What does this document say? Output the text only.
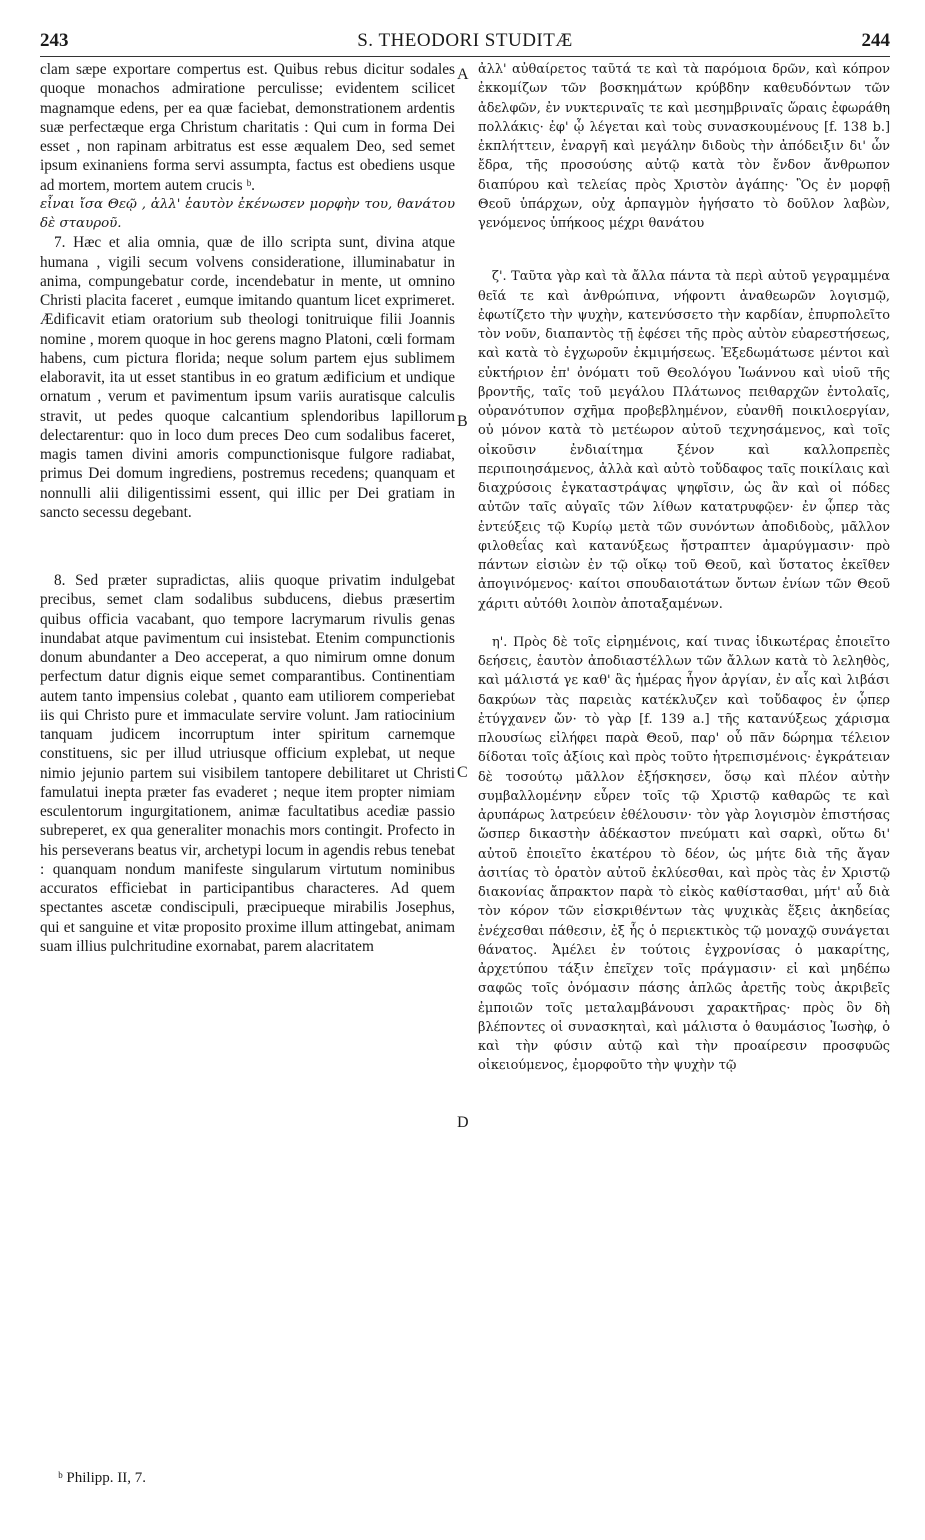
243	S. THEODORI STUDITÆ	244

clam sæpe exportare compertus est. Quibus rebus dicitur sodales quoque monachos admiratione perculisse; evidentem scilicet magnamque edens, per ea quæ faciebat, demonstrationem ardentis suæ perfectæque erga Christum charitatis : Qui cum in forma Dei esset , non rapinam arbitratus est esse æqualem Deo, sed semet ipsum exinaniens forma servi assumpta, factus est obediens usque ad mortem, mortem autem crucis ᵇ.

εἶναι ἴσα Θεῷ , ἀλλ' ἑαυτὸν ἐκένωσεν μορφὴν του, θανάτου δὲ σταυροῦ.

7. Hæc et alia omnia, quæ de illo scripta sunt, divina atque humana , vigili secum volvens consideratione, illuminabatur in anima, compungebatur corde, incendebatur in mente, ut omnino Christi placita faceret , eumque imitando quantum licet exprimeret. Ædificavit etiam oratorium sub theologi tonitruique filii Joannis nomine , morem quoque in hoc gerens magno Platoni, cœli formam habens, cum pictura florida; neque solum partem ejus sublimem elaboravit, ita ut esset stantibus in eo gratum ædificium et undique ornatum , verum et pavimentum ipsum variis auratisque calculis stravit, ut pedes quoque calcantium splendoribus lapillorum delectarentur: quo in loco dum preces Deo cum sodalibus faceret, magis tamen divini amoris compunctionisque fulgore radiabat, primus Dei domum ingrediens, postremus recedens; quanquam et nonnulli alii diligentissimi essent, qui illic per Dei gratiam in sancto secessu degebant.

8. Sed præter supradictas, aliis quoque privatim indulgebat precibus, semet clam sodalibus subducens, diebus præsertim quibus officia vacabant, quo tempore lacrymarum rivulis genas inundabat atque pavimentum cui insistebat. Etenim compunctionis donum abundanter a Deo acceperat, a quo nimirum omne donum perfectum datur dignis eique semet comparantibus. Continentiam autem tanto impensius colebat , quanto eam utiliorem comperiebat iis qui Christo pure et immaculate servire volunt. Jam ratiocinium tanquam judicem incorruptum inter spiritum carnemque constituens, sic per illud utriusque officium explebat, ut neque nimio jejunio partem sui visibilem tantopere debilitaret ut Christi famulatui inepta præter fas evaderet ; neque item propter nimiam esculentorum ingurgitationem, animæ facultatibus acediæ passio subreperet, ex qua generaliter monachis mors contingit. Profecto in his perseverans beatus vir, archetypi locum in agendis rebus tenebat : quanquam nondum manifeste singularum virtutum nominibus accuratos efficiebat in participantibus characteres. Ad quem spectantes ascetæ condiscipuli, præcipueque mirabilis Josephus, qui et sanguine et vitæ proposito proxime illum attingebat, animam suam illius pulchritudine exornabat, parem alacritatem

ἀλλ' αὐθαίρετος ταῦτά τε καὶ τὰ παρόμοια δρῶν, καὶ κόπρον ἐκκομίζων τῶν βοσκημάτων κρύβδην καθευδόντων τῶν ἀδελφῶν, ἐν νυκτεριναῖς τε καὶ μεσημβριναῖς ὥραις ἐφωράθη πολλάκις· ἐφ' ᾧ λέγεται καὶ τοὺς συνασκουμένους [f. 138 b.] ἐκπλήττειν, ἐναργῆ καὶ μεγάλην διδοὺς τὴν ἀπόδειξιν δι' ὧν ἔδρα, τῆς προσούσης αὐτῷ κατὰ τὸν ἔνδον ἄνθρωπον διαπύρου καὶ τελείας πρὸς Χριστὸν ἀγάπης· Ὃς ἐν μορφῇ Θεοῦ ὑπάρχων, οὐχ ἁρπαγμὸν ἡγήσατο τὸ δοῦλον λαβὼν, γενόμενος ὑπήκοος μέχρι θανάτου

ζ'. Ταῦτα γὰρ καὶ τὰ ἄλλα πάντα τὰ περὶ αὐτοῦ γεγραμμένα θεῖά τε καὶ ἀνθρώπινα, νήφοντι ἀναθεωρῶν λογισμῷ, ἐφωτίζετο τὴν ψυχὴν, κατενύσσετο τὴν καρδίαν, ἐπυρπολεῖτο τὸν νοῦν, διαπαντὸς τῇ ἐφέσει τῆς πρὸς αὐτὸν εὐαρεστήσεως, καὶ κατὰ τὸ ἐγχωροῦν ἐκμιμήσεως. Ἐξεδωμάτωσε μέντοι καὶ εὐκτήριον ἐπ' ὀνόματι τοῦ Θεολόγου Ἰωάννου καὶ υἱοῦ τῆς βροντῆς, ταῖς τοῦ μεγάλου Πλάτωνος πειθαρχῶν ἐντολαῖς, οὐρανότυπον σχῆμα προβεβλημένον, εὐανθῆ ποικιλοεργίαν, οὐ μόνον κατὰ τὸ μετέωρον αὐτοῦ τεχνησάμενος, καὶ τοῖς οἰκοῦσιν ἐνδιαίτημα ξένον καὶ καλλοπρεπὲς περιποιησάμενος, ἀλλὰ καὶ αὐτὸ τοὔδαφος ταῖς ποικίλαις καὶ διαχρύσοις ἐγκαταστράψας ψηφῖσιν, ὡς ἂν καὶ οἱ πόδες αὐτῶν ταῖς αὐγαῖς τῶν λίθων κατατρυφῷεν· ἐν ᾧπερ τὰς ἐντεύξεις τῷ Κυρίῳ μετὰ τῶν συνόντων ἀποδιδοὺς, μᾶλλον φιλοθεΐας καὶ κατανύξεως ἤστραπτεν ἀμαρύγμασιν· πρὸ πάντων εἰσιὼν ἐν τῷ οἴκῳ τοῦ Θεοῦ, καὶ ὕστατος ἐκεῖθεν ἀπογινόμενος· καίτοι σπουδαιοτάτων ὄντων ἐνίων τῶν Θεοῦ χάριτι αὐτόθι λοιπὸν ἀποταξαμένων.

η'. Πρὸς δὲ τοῖς εἰρημένοις, καί τινας ἰδικωτέρας ἐποιεῖτο δεήσεις, ἑαυτὸν ἀποδιαστέλλων τῶν ἄλλων κατὰ τὸ λεληθὸς, καὶ μάλιστά γε καθ' ἃς ἡμέρας ἦγον ἀργίαν, ἐν αἷς καὶ λιβάσι δακρύων τὰς παρειὰς κατέκλυζεν καὶ τοὔδαφος ἐν ᾧπερ ἐτύγχανεν ὤν· τὸ γὰρ [f. 139 a.] τῆς κατανύξεως χάρισμα πλουσίως εἰλήφει παρὰ Θεοῦ, παρ' οὗ πᾶν δώρημα τέλειον δίδοται τοῖς ἀξίοις καὶ πρὸς τοῦτο ἡτρεπισμένοις· ἐγκράτειαν δὲ τοσούτῳ μᾶλλον ἐξήσκησεν, ὅσῳ καὶ πλέον αὐτὴν συμβαλλομένην εὗρεν τοῖς τῷ Χριστῷ καθαρῶς τε καὶ ἀρυπάρως λατρεύειν ἐθέλουσιν· τὸν γὰρ λογισμὸν ἐπιστήσας ὥσπερ δικαστὴν ἀδέκαστον πνεύματι καὶ σαρκὶ, οὕτω δι' αὐτοῦ ἐποιεῖτο ἑκατέρου τὸ δέον, ὡς μήτε διὰ τῆς ἄγαν ἀσιτίας τὸ ὁρατὸν αὐτοῦ ἐκλύεσθαι, καὶ πρὸς τὰς ἐν Χριστῷ διακονίας ἄπρακτον παρὰ τὸ εἰκὸς καθίστασθαι, μήτ' αὖ διὰ τὸν κόρον τῶν εἰσκριθέντων τὰς ψυχικὰς ἕξεις ἀκηδείας ἐνέχεσθαι πάθεσιν, ἐξ ἧς ὁ περιεκτικὸς τῷ μοναχῷ συνάγεται θάνατος. Ἀμέλει ἐν τούτοις ἐγχρονίσας ὁ μακαρίτης, ἀρχετύπου τάξιν ἐπεῖχεν τοῖς πράγμασιν· εἰ καὶ μηδέπω σαφῶς τοῖς ὀνόμασιν πάσης ἁπλῶς ἀρετῆς τοὺς ἀκριβεῖς ἐμποιῶν τοῖς μεταλαμβάνουσι χαρακτῆρας· πρὸς ὃν δὴ βλέποντες οἱ συνασκηταὶ, καὶ μάλιστα ὁ θαυμάσιος Ἰωσὴφ, ὁ καὶ τὴν φύσιν αὐτῷ καὶ τὴν προαίρεσιν προσφυῶς οἰκειούμενος, ἐμορφοῦτο τὴν ψυχὴν τῷ

A
B
C
D
ᵇ Philipp. II, 7.
